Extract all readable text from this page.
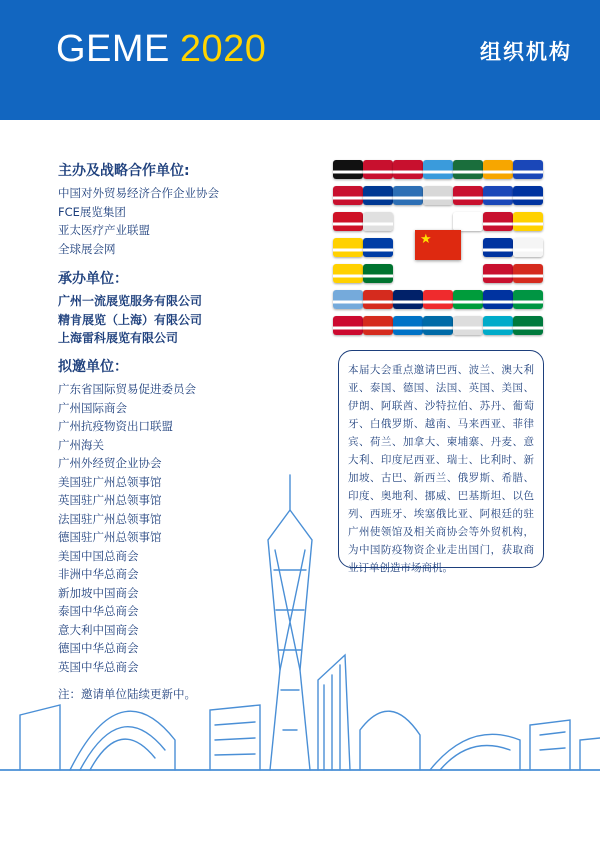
GEME 2020	组织机构
主办及战略合作单位:
中国对外贸易经济合作企业协会
FCE展览集团
亚太医疗产业联盟
全球展会网
承办单位：
广州一流展览服务有限公司
精肯展览（上海）有限公司
上海雷科展览有限公司
拟邀单位：
广东省国际贸易促进委员会
广州国际商会
广州抗疫物资出口联盟
广州海关
广州外经贸企业协会
美国驻广州总领事馆
英国驻广州总领事馆
法国驻广州总领事馆
德国驻广州总领事馆
美国中国总商会
非洲中华总商会
新加坡中国商会
泰国中华总商会
意大利中国商会
德国中华总商会
英国中华总商会
注：邀请单位陆续更新中。
★
本届大会重点邀请巴西、波兰、澳大利亚、泰国、德国、法国、英国、美国、伊朗、阿联酋、沙特拉伯、苏丹、葡萄牙、白俄罗斯、越南、马来西亚、菲律宾、荷兰、加拿大、柬埔寨、丹麦、意大利、印度尼西亚、瑞士、比利时、新加坡、古巴、新西兰、俄罗斯、希腊、印度、奥地利、挪威、巴基斯坦、以色列、西班牙、埃塞俄比亚、阿根廷的驻广州使领馆及相关商协会等外贸机构，为中国防疫物资企业走出国门，获取商业订单创造市场商机。
